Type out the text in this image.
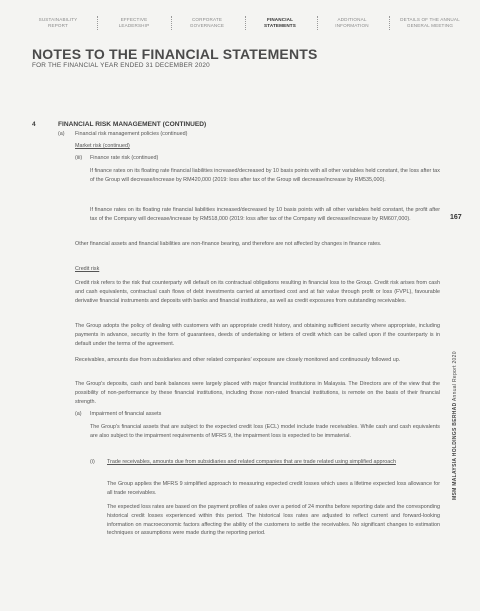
SUSTAINABILITY
REPORT
EFFECTIVE
LEADERSHIP
CORPORATE
GOVERNANCE
FINANCIAL
STATEMENTS
ADDITIONAL
INFORMATION
DETAILS OF THE ANNUAL
GENERAL MEETING
NOTES TO THE FINANCIAL STATEMENTS
FOR THE FINANCIAL YEAR ENDED 31 DECEMBER 2020
4	FINANCIAL RISK MANAGEMENT (CONTINUED)
(a) Financial risk management policies (continued)
Market risk (continued)
(iii) Finance rate risk (continued)
If finance rates on its floating rate financial liabilities increased/decreased by 10 basis points with all other variables held constant, the loss after tax of the Group will decrease/increase by RM420,000 (2019: loss after tax of the Group will decrease/increase by RM535,000).
If finance rates on its floating rate financial liabilities increased/decreased by 10 basis points with all other variables held constant, the profit after tax of the Company will decrease/increase by RM518,000 (2019: loss after tax of the Company will decrease/increase by RM607,000).
Other financial assets and financial liabilities are non-finance bearing, and therefore are not affected by changes in finance rates.
Credit risk
Credit risk refers to the risk that counterparty will default on its contractual obligations resulting in financial loss to the Group. Credit risk arises from cash and cash equivalents, contractual cash flows of debt investments carried at amortised cost and at fair value through profit or loss (FVPL), favourable derivative financial instruments and deposits with banks and financial institutions, as well as credit exposures from outstanding receivables.
The Group adopts the policy of dealing with customers with an appropriate credit history, and obtaining sufficient security where appropriate, including payments in advance, security in the form of guarantees, deeds of undertaking or letters of credit which can be called upon if the counterparty is in default under the terms of the agreement.
Receivables, amounts due from subsidiaries and other related companies' exposure are closely monitored and continuously followed up.
The Group's deposits, cash and bank balances were largely placed with major financial institutions in Malaysia. The Directors are of the view that the possibility of non-performance by these financial institutions, including those non-rated financial institutions, is remote on the basis of their financial strength.
(a) Impairment of financial assets
The Group's financial assets that are subject to the expected credit loss (ECL) model include trade receivables. While cash and cash equivalents are also subject to the impairment requirements of MFRS 9, the impairment loss is expected to be immaterial.
(i) Trade receivables, amounts due from subsidiaries and related companies that are trade related using simplified approach
The Group applies the MFRS 9 simplified approach to measuring expected credit losses which uses a lifetime expected loss allowance for all trade receivables.
The expected loss rates are based on the payment profiles of sales over a period of 24 months before reporting date and the corresponding historical credit losses experienced within this period. The historical loss rates are adjusted to reflect current and forward-looking information on macroeconomic factors affecting the ability of the customers to settle the receivables. No significant changes to estimation techniques or assumptions were made during the reporting period.
167
MSM MALAYSIA HOLDINGS BERHAD Annual Report 2020
